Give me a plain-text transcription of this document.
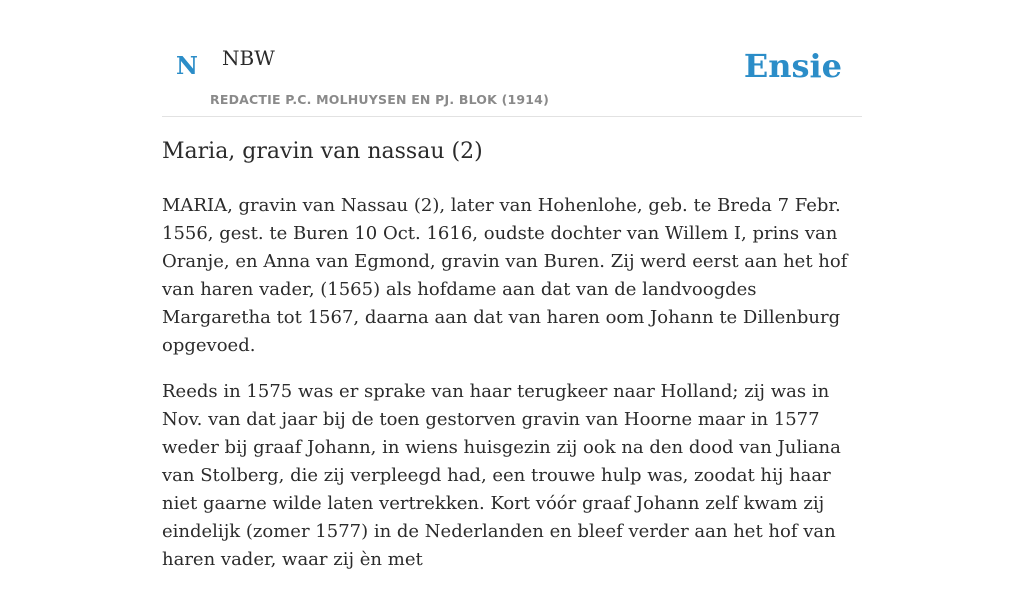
N NBW
REDACTIE P.C. MOLHUYSEN EN PJ. BLOK (1914)
Ensie
Maria, gravin van nassau (2)

MARIA, gravin van Nassau (2), later van Hohenlohe, geb. te Breda 7 Febr. 1556, gest. te Buren 10 Oct. 1616, oudste dochter van Willem I, prins van Oranje, en Anna van Egmond, gravin van Buren. Zij werd eerst aan het hof van haren vader, (1565) als hofdame aan dat van de landvoogdes Margaretha tot 1567, daarna aan dat van haren oom Johann te Dillenburg opgevoed.

Reeds in 1575 was er sprake van haar terugkeer naar Holland; zij was in Nov. van dat jaar bij de toen gestorven gravin van Hoorne maar in 1577 weder bij graaf Johann, in wiens huisgezin zij ook na den dood van Juliana van Stolberg, die zij verpleegd had, een trouwe hulp was, zoodat hij haar niet gaarne wilde laten vertrekken. Kort vóór graaf Johann zelf kwam zij eindelijk (zomer 1577) in de Nederlanden en bleef verder aan het hof van haren vader, waar zij èn met
